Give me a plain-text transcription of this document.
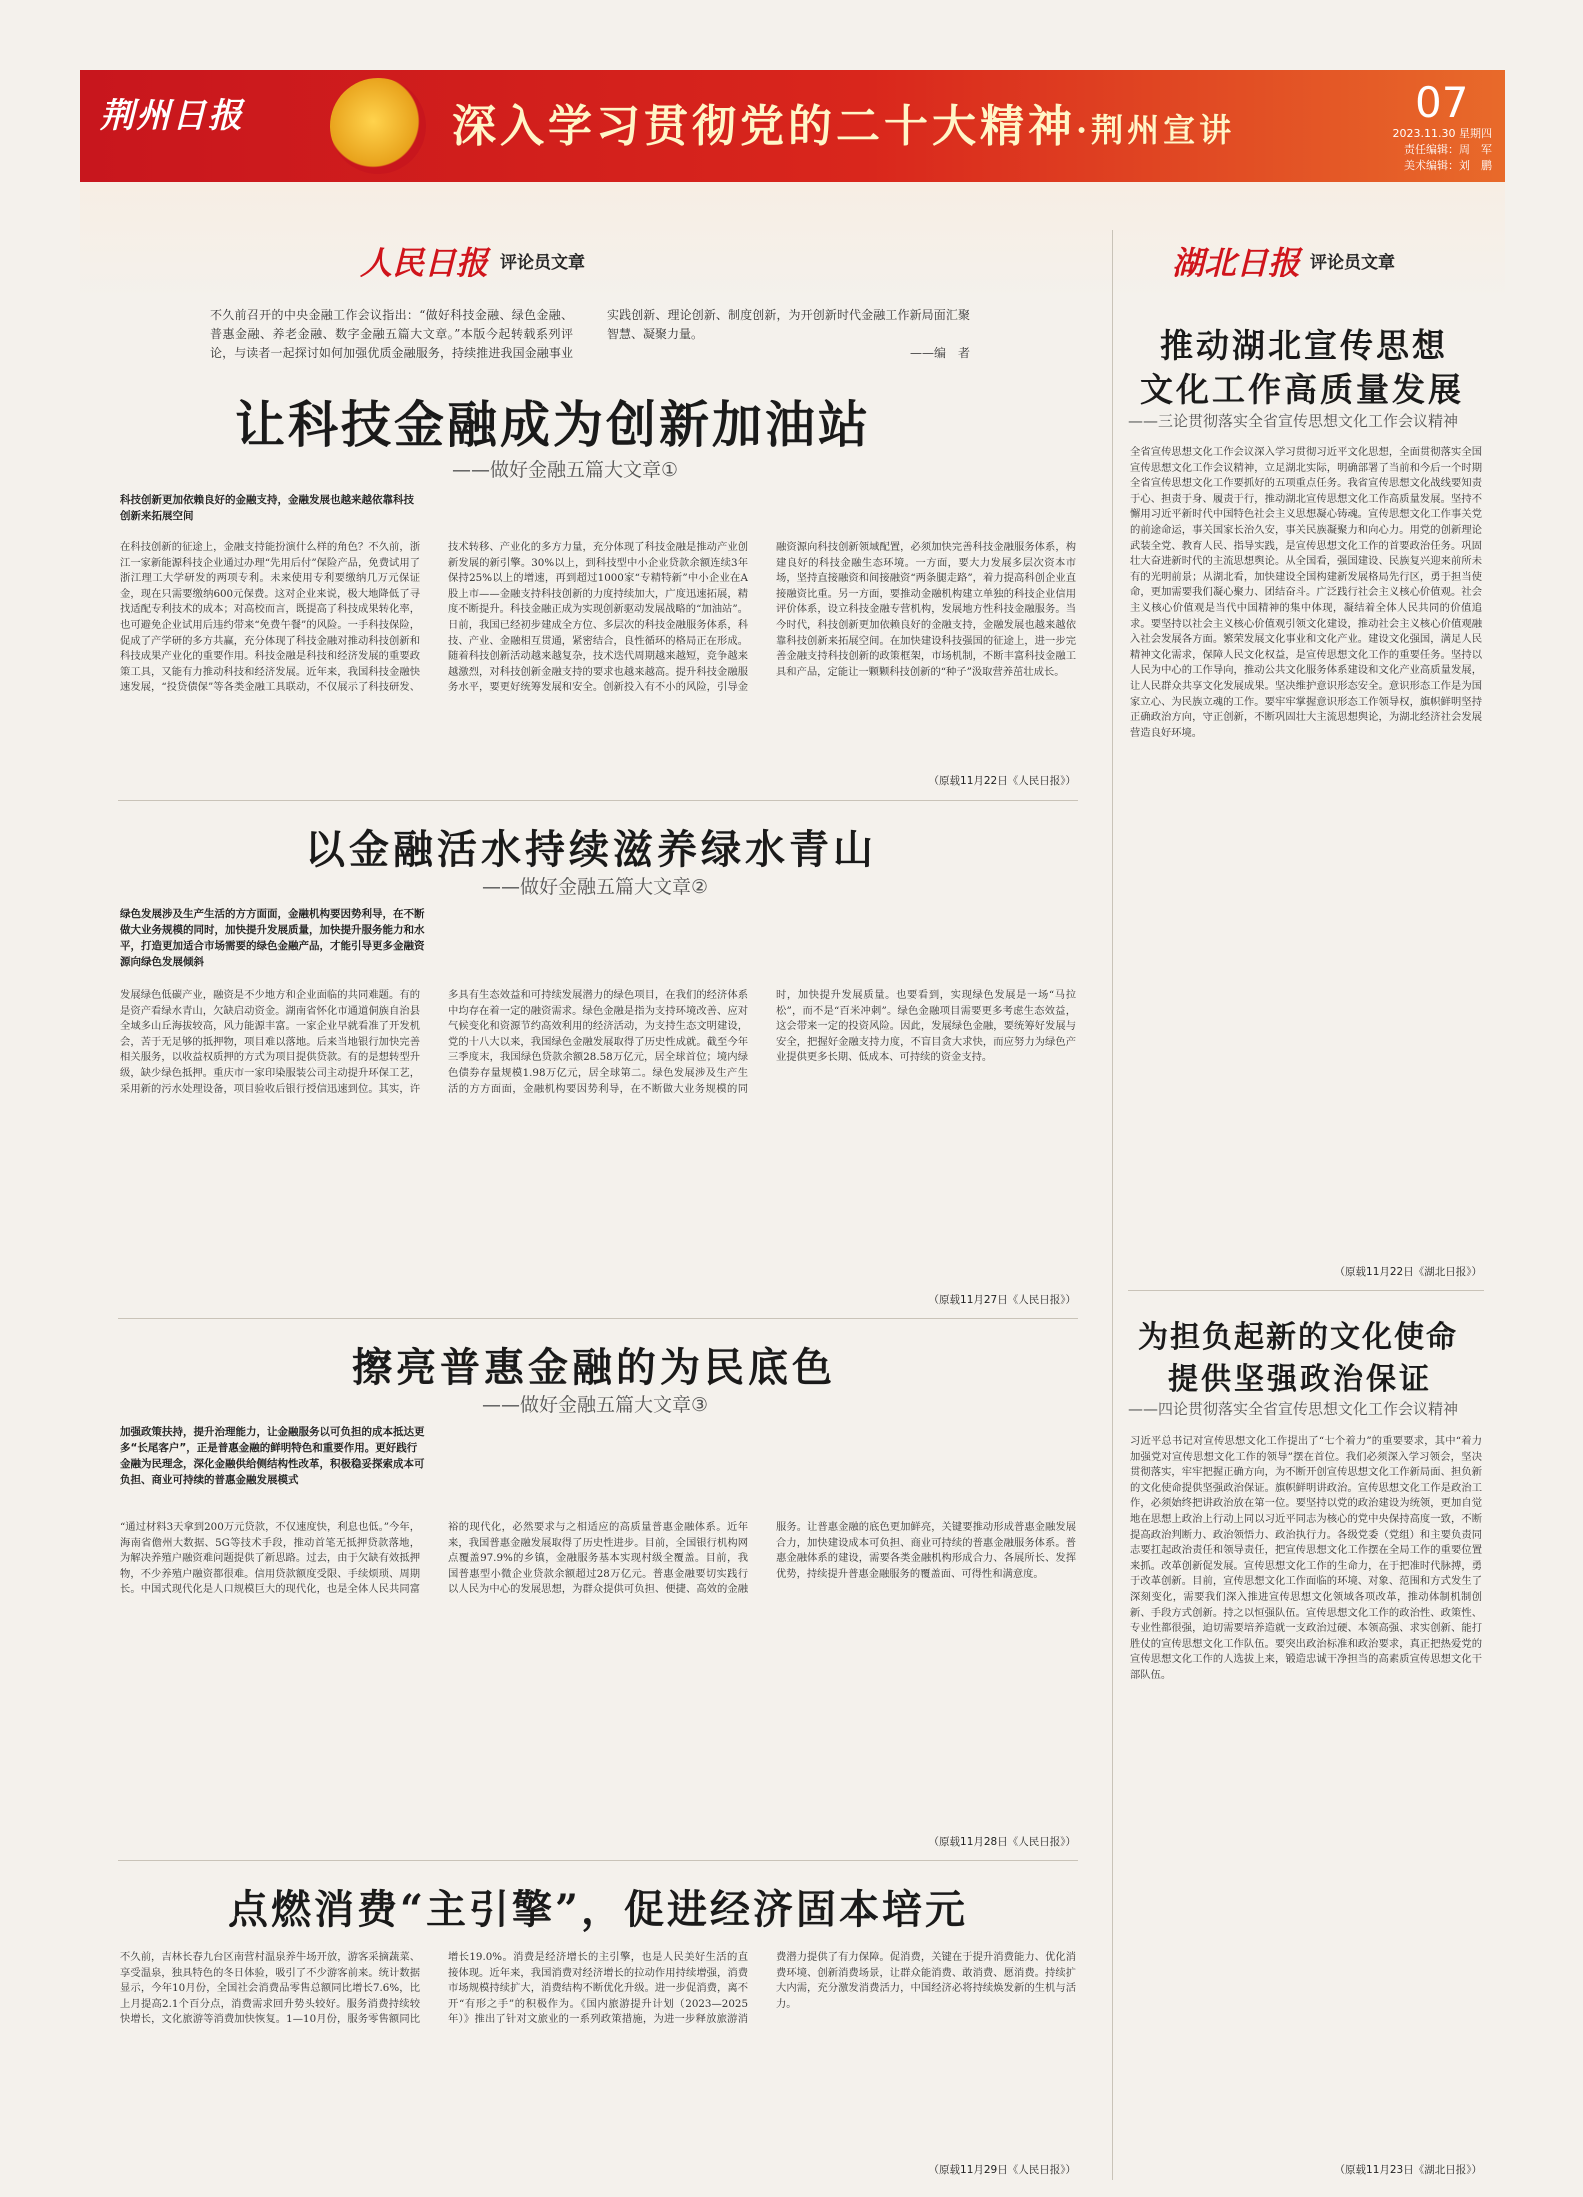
荆州日报	深入学习贯彻党的二十大精神·荆州宣讲
07
2023.11.30 星期四
责任编辑：周　军
美术编辑：刘　鹏
人民日报 评论员文章
不久前召开的中央金融工作会议指出：“做好科技金融、绿色金融、普惠金融、养老金融、数字金融五篇大文章。”本版今起转载系列评论，与读者一起探讨如何加强优质金融服务，持续推进我国金融事业实践创新、理论创新、制度创新，为开创新时代金融工作新局面汇聚智慧、凝聚力量。

——编　者
让科技金融成为创新加油站
——做好金融五篇大文章①
科技创新更加依赖良好的金融支持，金融发展也越来越依靠科技创新来拓展空间
在科技创新的征途上，金融支持能扮演什么样的角色？不久前，浙江一家新能源科技企业通过办理“先用后付”保险产品，免费试用了浙江理工大学研发的两项专利。未来使用专利要缴纳几万元保证金，现在只需要缴纳600元保费。这对企业来说，极大地降低了寻找适配专利技术的成本；对高校而言，既提高了科技成果转化率，也可避免企业试用后违约带来“免费午餐”的风险。一手科技保险，促成了产学研的多方共赢，充分体现了科技金融对推动科技创新和科技成果产业化的重要作用。科技金融是科技和经济发展的重要政策工具，又能有力推动科技和经济发展。近年来，我国科技金融快速发展，“投贷债保”等各类金融工具联动，不仅展示了科技研发、技术转移、产业化的多方力量，充分体现了科技金融是推动产业创新发展的新引擎。30%以上，到科技型中小企业贷款余额连续3年保持25%以上的增速，再到超过1000家“专精特新”中小企业在A股上市——金融支持科技创新的力度持续加大，广度迅速拓展，精度不断提升。科技金融正成为实现创新驱动发展战略的“加油站”。日前，我国已经初步建成全方位、多层次的科技金融服务体系，科技、产业、金融相互贯通，紧密结合，良性循环的格局正在形成。随着科技创新活动越来越复杂，技术迭代周期越来越短，竞争越来越激烈，对科技创新金融支持的要求也越来越高。提升科技金融服务水平，要更好统筹发展和安全。创新投入有不小的风险，引导金融资源向科技创新领域配置，必须加快完善科技金融服务体系，构建良好的科技金融生态环境。一方面，要大力发展多层次资本市场，坚持直接融资和间接融资“两条腿走路”，着力提高科创企业直接融资比重。另一方面，要推动金融机构建立单独的科技企业信用评价体系，设立科技金融专营机构，发展地方性科技金融服务。当今时代，科技创新更加依赖良好的金融支持，金融发展也越来越依靠科技创新来拓展空间。在加快建设科技强国的征途上，进一步完善金融支持科技创新的政策框架，市场机制，不断丰富科技金融工具和产品，定能让一颗颗科技创新的“种子”汲取营养茁壮成长。
（原载11月22日《人民日报》）
以金融活水持续滋养绿水青山
——做好金融五篇大文章②
绿色发展涉及生产生活的方方面面，金融机构要因势利导，在不断做大业务规模的同时，加快提升发展质量，加快提升服务能力和水平，打造更加适合市场需要的绿色金融产品，才能引导更多金融资源向绿色发展倾斜
发展绿色低碳产业，融资是不少地方和企业面临的共同难题。有的是资产看绿水青山，欠缺启动资金。湖南省怀化市通道侗族自治县全域多山丘海拔较高，风力能源丰富。一家企业早就看准了开发机会，苦于无足够的抵押物，项目难以落地。后来当地银行加快完善相关服务，以收益权质押的方式为项目提供贷款。有的是想转型升级，缺少绿色抵押。重庆市一家印染服装公司主动提升环保工艺，采用新的污水处理设备，项目验收后银行授信迅速到位。其实，许多具有生态效益和可持续发展潜力的绿色项目，在我们的经济体系中均存在着一定的融资需求。绿色金融是指为支持环境改善、应对气候变化和资源节约高效利用的经济活动，为支持生态文明建设，党的十八大以来，我国绿色金融发展取得了历史性成就。截至今年三季度末，我国绿色贷款余额28.58万亿元，居全球首位；境内绿色债券存量规模1.98万亿元，居全球第二。绿色发展涉及生产生活的方方面面，金融机构要因势利导，在不断做大业务规模的同时，加快提升发展质量。也要看到，实现绿色发展是一场“马拉松”，而不是“百米冲刺”。绿色金融项目需要更多考虑生态效益，这会带来一定的投资风险。因此，发展绿色金融，要统筹好发展与安全，把握好金融支持力度，不盲目贪大求快，而应努力为绿色产业提供更多长期、低成本、可持续的资金支持。
（原载11月27日《人民日报》）
擦亮普惠金融的为民底色
——做好金融五篇大文章③
加强政策扶持，提升治理能力，让金融服务以可负担的成本抵达更多“长尾客户”，正是普惠金融的鲜明特色和重要作用。更好践行金融为民理念，深化金融供给侧结构性改革，积极稳妥探索成本可负担、商业可持续的普惠金融发展模式
“通过材料3天拿到200万元贷款，不仅速度快，利息也低。”今年，海南省儋州大数据、5G等技术手段，推动首笔无抵押贷款落地，为解决养殖户融资难问题提供了新思路。过去，由于欠缺有效抵押物，不少养殖户融资都很难。信用贷款额度受限、手续烦琐、周期长。中国式现代化是人口规模巨大的现代化，也是全体人民共同富裕的现代化，必然要求与之相适应的高质量普惠金融体系。近年来，我国普惠金融发展取得了历史性进步。目前，全国银行机构网点覆盖97.9%的乡镇，金融服务基本实现村级全覆盖。目前，我国普惠型小微企业贷款余额超过28万亿元。普惠金融要切实践行以人民为中心的发展思想，为群众提供可负担、便捷、高效的金融服务。让普惠金融的底色更加鲜亮，关键要推动形成普惠金融发展合力，加快建设成本可负担、商业可持续的普惠金融服务体系。普惠金融体系的建设，需要各类金融机构形成合力、各展所长、发挥优势，持续提升普惠金融服务的覆盖面、可得性和满意度。
（原载11月28日《人民日报》）
点燃消费“主引擎”，促进经济固本培元
不久前，吉林长春九台区南营村温泉养牛场开放，游客采摘蔬菜、享受温泉，独具特色的冬日体验，吸引了不少游客前来。统计数据显示，今年10月份，全国社会消费品零售总额同比增长7.6%，比上月提高2.1个百分点，消费需求回升势头较好。服务消费持续较快增长，文化旅游等消费加快恢复。1—10月份，服务零售额同比增长19.0%。消费是经济增长的主引擎，也是人民美好生活的直接体现。近年来，我国消费对经济增长的拉动作用持续增强，消费市场规模持续扩大，消费结构不断优化升级。进一步促消费，离不开“有形之手”的积极作为。《国内旅游提升计划（2023—2025年）》推出了针对文旅业的一系列政策措施，为进一步释放旅游消费潜力提供了有力保障。促消费，关键在于提升消费能力、优化消费环境、创新消费场景，让群众能消费、敢消费、愿消费。持续扩大内需，充分激发消费活力，中国经济必将持续焕发新的生机与活力。
（原载11月29日《人民日报》）
湖北日报 评论员文章
推动湖北宣传思想
文化工作高质量发展
——三论贯彻落实全省宣传思想文化工作会议精神
全省宣传思想文化工作会议深入学习贯彻习近平文化思想，全面贯彻落实全国宣传思想文化工作会议精神，立足湖北实际，明确部署了当前和今后一个时期全省宣传思想文化工作要抓好的五项重点任务。我省宣传思想文化战线要知责于心、担责于身、履责于行，推动湖北宣传思想文化工作高质量发展。坚持不懈用习近平新时代中国特色社会主义思想凝心铸魂。宣传思想文化工作事关党的前途命运，事关国家长治久安，事关民族凝聚力和向心力。用党的创新理论武装全党、教育人民、指导实践，是宣传思想文化工作的首要政治任务。巩固壮大奋进新时代的主流思想舆论。从全国看，强国建设、民族复兴迎来前所未有的光明前景；从湖北看，加快建设全国构建新发展格局先行区，勇于担当使命，更加需要我们凝心聚力、团结奋斗。广泛践行社会主义核心价值观。社会主义核心价值观是当代中国精神的集中体现，凝结着全体人民共同的价值追求。要坚持以社会主义核心价值观引领文化建设，推动社会主义核心价值观融入社会发展各方面。繁荣发展文化事业和文化产业。建设文化强国，满足人民精神文化需求，保障人民文化权益，是宣传思想文化工作的重要任务。坚持以人民为中心的工作导向，推动公共文化服务体系建设和文化产业高质量发展，让人民群众共享文化发展成果。坚决维护意识形态安全。意识形态工作是为国家立心、为民族立魂的工作。要牢牢掌握意识形态工作领导权，旗帜鲜明坚持正确政治方向，守正创新，不断巩固壮大主流思想舆论，为湖北经济社会发展营造良好环境。
（原载11月22日《湖北日报》）
为担负起新的文化使命
提供坚强政治保证
——四论贯彻落实全省宣传思想文化工作会议精神
习近平总书记对宣传思想文化工作提出了“七个着力”的重要要求，其中“着力加强党对宣传思想文化工作的领导”摆在首位。我们必须深入学习领会，坚决贯彻落实，牢牢把握正确方向，为不断开创宣传思想文化工作新局面、担负新的文化使命提供坚强政治保证。旗帜鲜明讲政治。宣传思想文化工作是政治工作，必须始终把讲政治放在第一位。要坚持以党的政治建设为统领，更加自觉地在思想上政治上行动上同以习近平同志为核心的党中央保持高度一致，不断提高政治判断力、政治领悟力、政治执行力。各级党委（党组）和主要负责同志要扛起政治责任和领导责任，把宣传思想文化工作摆在全局工作的重要位置来抓。改革创新促发展。宣传思想文化工作的生命力，在于把准时代脉搏，勇于改革创新。目前，宣传思想文化工作面临的环境、对象、范围和方式发生了深刻变化，需要我们深入推进宣传思想文化领域各项改革，推动体制机制创新、手段方式创新。持之以恒强队伍。宣传思想文化工作的政治性、政策性、专业性都很强，迫切需要培养造就一支政治过硬、本领高强、求实创新、能打胜仗的宣传思想文化工作队伍。要突出政治标准和政治要求，真正把热爱党的宣传思想文化工作的人选拔上来，锻造忠诚干净担当的高素质宣传思想文化干部队伍。
（原载11月23日《湖北日报》）
